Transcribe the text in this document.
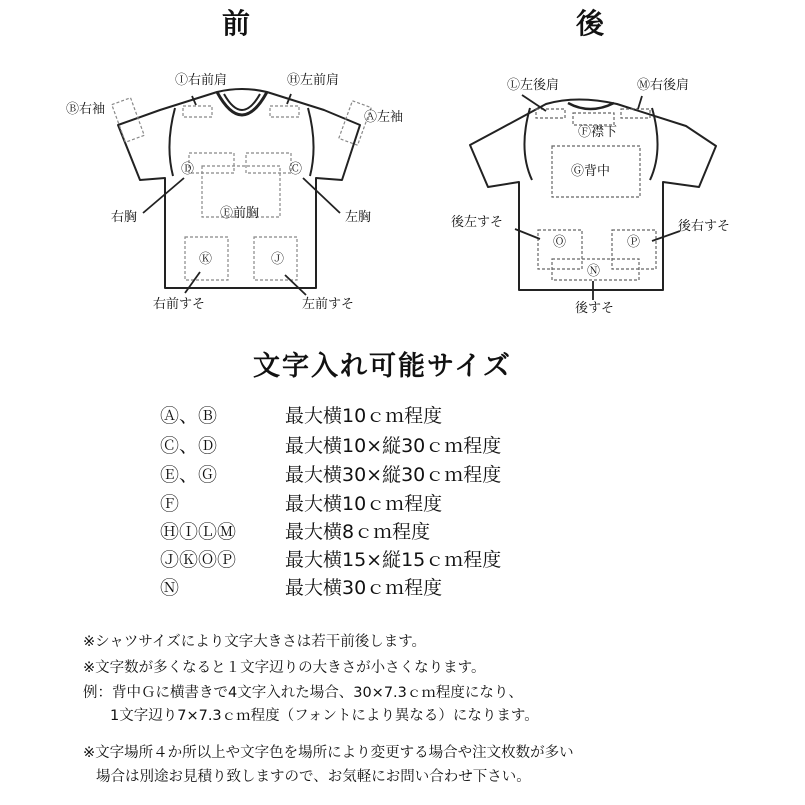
前
Ⓘ右前肩	Ⓗ左前肩
Ⓑ右袖
Ⓐ左袖
Ⓓ	Ⓒ
右胸	左胸
Ⓔ前胸
Ⓚ	Ⓙ
右前すそ	左前すそ
後
Ⓛ左後肩	Ⓜ右後肩
Ⓕ襟下
Ⓖ背中
後左すそ	後右すそ
Ⓞ	Ⓟ
Ⓝ
後すそ
文字入れ可能サイズ
Ⓐ、Ⓑ	最大横10ｃｍ程度
Ⓒ、Ⓓ	最大横10×縦30ｃｍ程度
Ⓔ、Ⓖ	最大横30×縦30ｃｍ程度
Ⓕ	最大横10ｃｍ程度
ⒽⒾⓁⓂ	最大横8ｃｍ程度
ⒿⓀⓄⓅ	最大横15×縦15ｃｍ程度
Ⓝ	最大横30ｃｍ程度
※シャツサイズにより文字大きさは若干前後します。
※文字数が多くなると１文字辺りの大きさが小さくなります。
例：背中Ｇに横書きで4文字入れた場合、30×7.3ｃｍ程度になり、
1文字辺り7×7.3ｃｍ程度（フォントにより異なる）になります。
※文字場所４か所以上や文字色を場所により変更する場合や注文枚数が多い
場合は別途お見積り致しますので、お気軽にお問い合わせ下さい。
